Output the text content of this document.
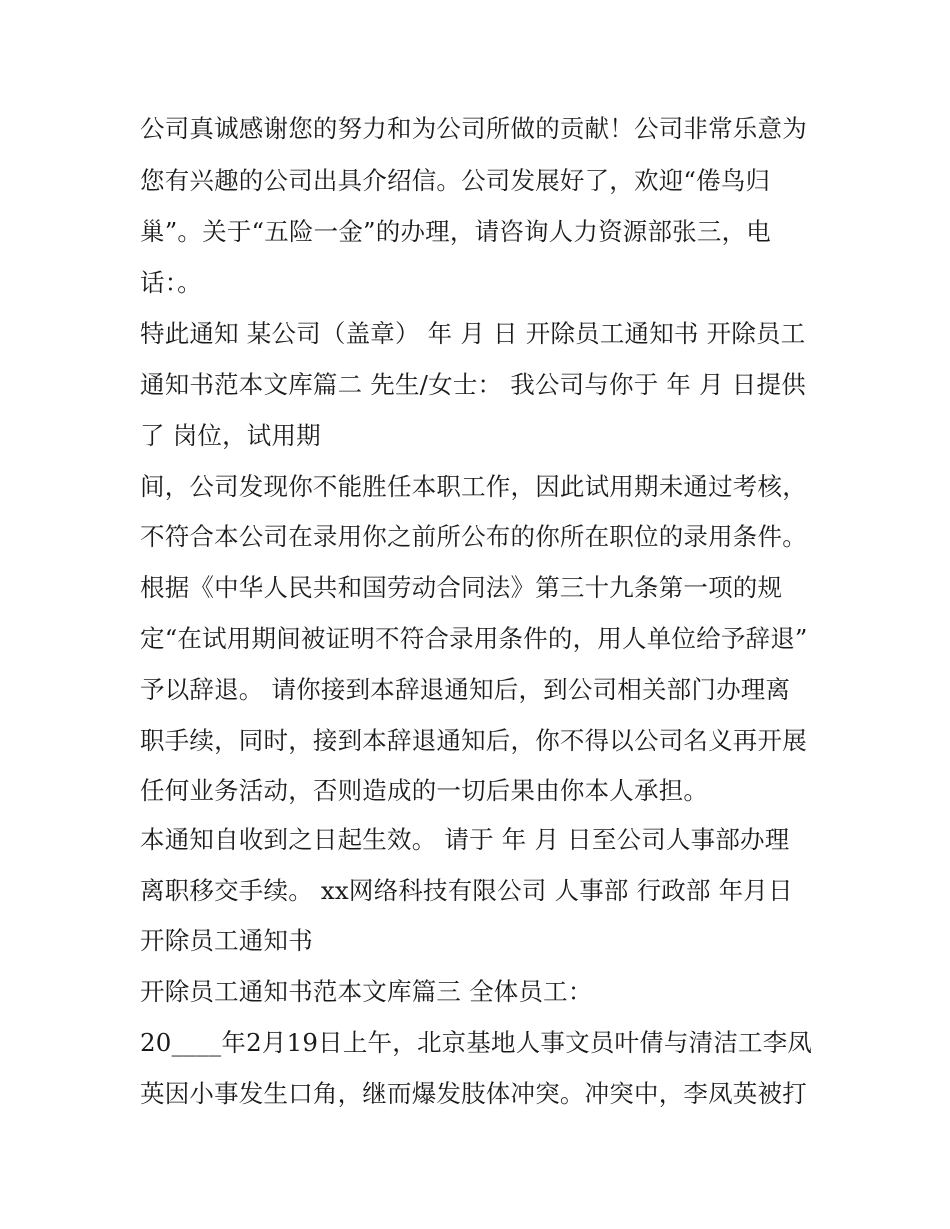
公司真诚感谢您的努力和为公司所做的贡献！公司非常乐意为
您有兴趣的公司出具介绍信。公司发展好了，欢迎“倦鸟归
巢”。关于“五险一金”的办理，请咨询人力资源部张三，电
话：。
特此通知 某公司（盖章） 年 月 日 开除员工通知书 开除员工
通知书范本文库篇二 先生/女士： 我公司与你于 年 月 日提供
了 岗位，试用期
间，公司发现你不能胜任本职工作，因此试用期未通过考核，
不符合本公司在录用你之前所公布的你所在职位的录用条件。
根据《中华人民共和国劳动合同法》第三十九条第一项的规
定“在试用期间被证明不符合录用条件的，用人单位给予辞退”
予以辞退。 请你接到本辞退通知后，到公司相关部门办理离
职手续，同时，接到本辞退通知后，你不得以公司名义再开展
任何业务活动，否则造成的一切后果由你本人承担。
本通知自收到之日起生效。 请于 年 月 日至公司人事部办理
离职移交手续。 xx网络科技有限公司 人事部 行政部 年月日
开除员工通知书
开除员工通知书范本文库篇三 全体员工：
20____年2月19日上午，北京基地人事文员叶倩与清洁工李凤
英因小事发生口角，继而爆发肢体冲突。冲突中，李凤英被打
